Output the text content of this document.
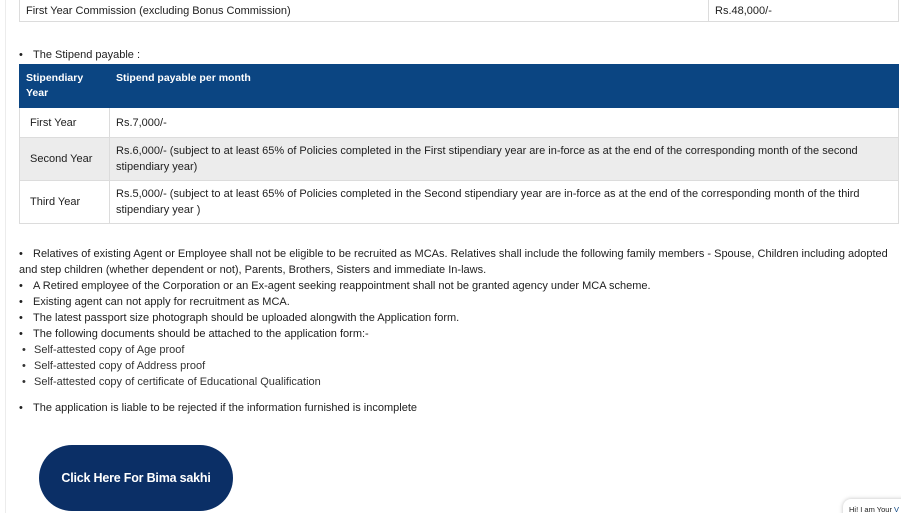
First Year Commission (excluding Bonus Commission)	Rs.48,000/-
• The Stipend payable :
Stipendiary Year	Stipend payable per month
First Year	Rs.7,000/-
Second Year	Rs.6,000/- (subject to at least 65% of Policies completed in the First stipendiary year are in-force as at the end of the corresponding month of the second stipendiary year)
Third Year	Rs.5,000/- (subject to at least 65% of Policies completed in the Second stipendiary year are in-force as at the end of the corresponding month of the third stipendiary year )
• Relatives of existing Agent or Employee shall not be eligible to be recruited as MCAs. Relatives shall include the following family members - Spouse, Children including adopted and step children (whether dependent or not), Parents, Brothers, Sisters and immediate In-laws.
• A Retired employee of the Corporation or an Ex-agent seeking reappointment shall not be granted agency under MCA scheme.
• Existing agent can not apply for recruitment as MCA.
• The latest passport size photograph should be uploaded alongwith the Application form.
• The following documents should be attached to the application form:-
• Self-attested copy of Age proof
• Self-attested copy of Address proof
• Self-attested copy of certificate of Educational Qualification
• The application is liable to be rejected if the information furnished is incomplete
Click Here For Bima sakhi
Hi! I am Your V
